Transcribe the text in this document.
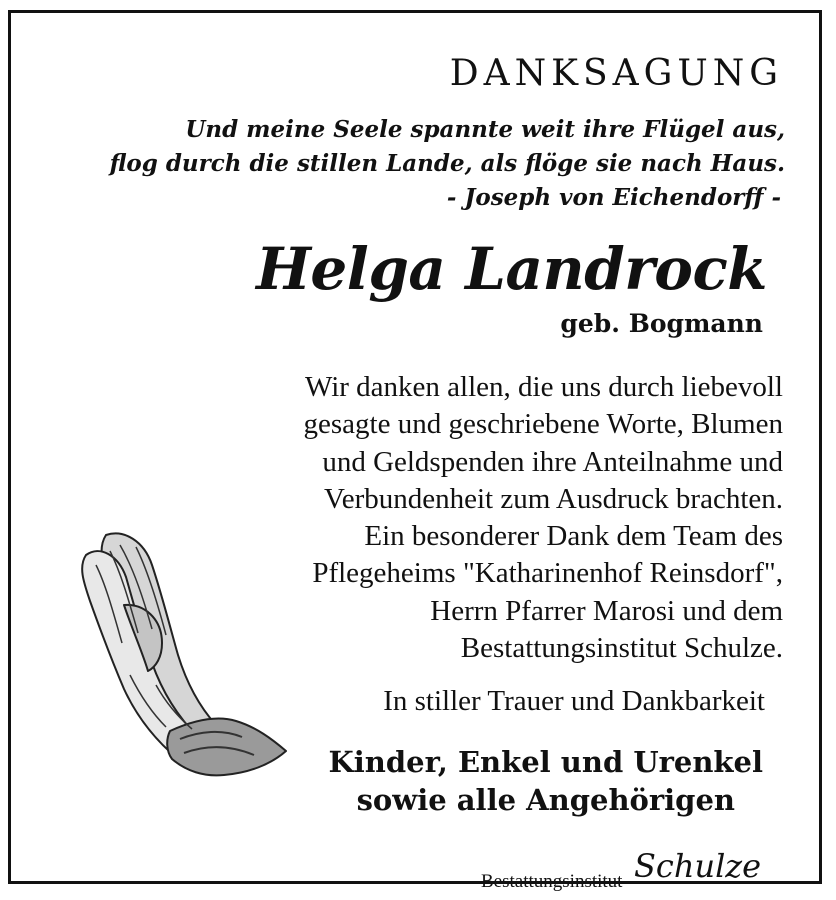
DANKSAGUNG
Und meine Seele spannte weit ihre Flügel aus,
flog durch die stillen Lande, als flöge sie nach Haus.
- Joseph von Eichendorff -
Helga Landrock
geb. Bogmann
Wir danken allen, die uns durch liebevoll
gesagte und geschriebene Worte, Blumen
und Geldspenden ihre Anteilnahme und
Verbundenheit zum Ausdruck brachten.
Ein besonderer Dank dem Team des
Pflegeheims "Katharinenhof Reinsdorf",
Herrn Pfarrer Marosi und dem
Bestattungsinstitut Schulze.
In stiller Trauer und Dankbarkeit
Kinder, Enkel und Urenkel
sowie alle Angehörigen
Bestattungsinstitut Schulze
